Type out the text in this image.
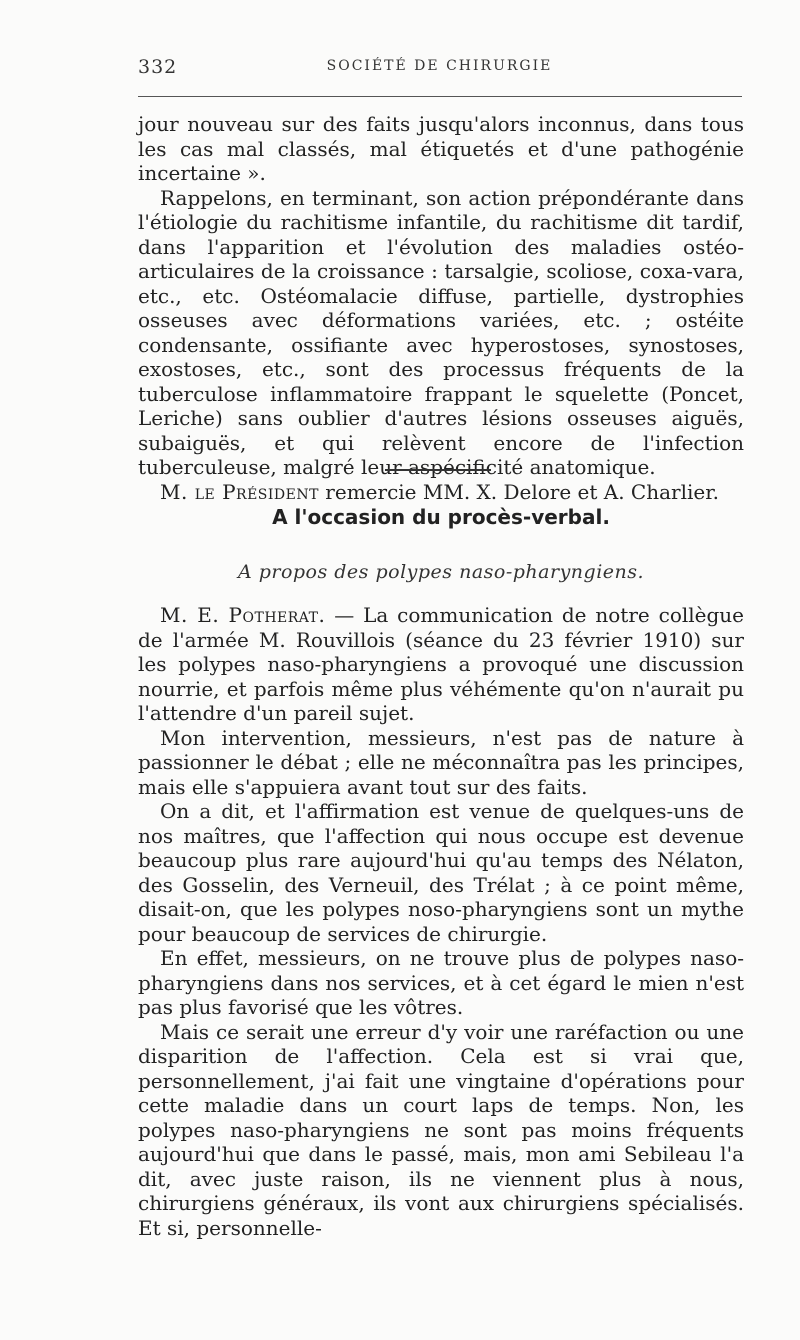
332	SOCIÉTÉ DE CHIRURGIE

jour nouveau sur des faits jusqu'alors inconnus, dans tous les cas mal classés, mal étiquetés et d'une pathogénie incertaine ».

Rappelons, en terminant, son action prépondérante dans l'étiologie du rachitisme infantile, du rachitisme dit tardif, dans l'apparition et l'évolution des maladies ostéo-articulaires de la croissance : tarsalgie, scoliose, coxa-vara, etc., etc. Ostéomalacie diffuse, partielle, dystrophies osseuses avec déformations variées, etc. ; ostéite condensante, ossifiante avec hyperostoses, synostoses, exostoses, etc., sont des processus fréquents de la tuberculose inflammatoire frappant le squelette (Poncet, Leriche) sans oublier d'autres lésions osseuses aiguës, subaiguës, et qui relèvent encore de l'infection tuberculeuse, malgré leur aspécificité anatomique.

M. le Président remercie MM. X. Delore et A. Charlier.

A l'occasion du procès-verbal.
A propos des polypes naso-pharyngiens.

M. E. Potherat. — La communication de notre collègue de l'armée M. Rouvillois (séance du 23 février 1910) sur les polypes naso-pharyngiens a provoqué une discussion nourrie, et parfois même plus véhémente qu'on n'aurait pu l'attendre d'un pareil sujet.

Mon intervention, messieurs, n'est pas de nature à passionner le débat ; elle ne méconnaîtra pas les principes, mais elle s'appuiera avant tout sur des faits.

On a dit, et l'affirmation est venue de quelques-uns de nos maîtres, que l'affection qui nous occupe est devenue beaucoup plus rare aujourd'hui qu'au temps des Nélaton, des Gosselin, des Verneuil, des Trélat ; à ce point même, disait-on, que les polypes noso-pharyngiens sont un mythe pour beaucoup de services de chirurgie.

En effet, messieurs, on ne trouve plus de polypes naso-pharyngiens dans nos services, et à cet égard le mien n'est pas plus favorisé que les vôtres.

Mais ce serait une erreur d'y voir une raréfaction ou une disparition de l'affection. Cela est si vrai que, personnellement, j'ai fait une vingtaine d'opérations pour cette maladie dans un court laps de temps. Non, les polypes naso-pharyngiens ne sont pas moins fréquents aujourd'hui que dans le passé, mais, mon ami Sebileau l'a dit, avec juste raison, ils ne viennent plus à nous, chirurgiens généraux, ils vont aux chirurgiens spécialisés. Et si, personnelle-
